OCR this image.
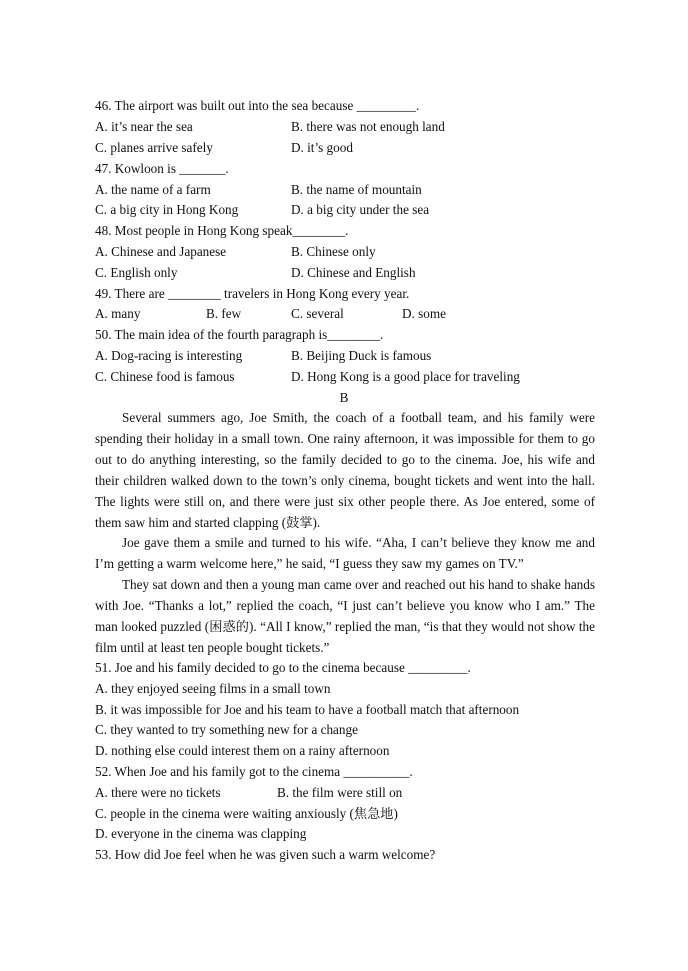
46. The airport was built out into the sea because _________.
A. it’s near the sea	B. there was not enough land
C. planes arrive safely	D. it’s good
47. Kowloon is _______.
A. the name of a farm	B. the name of mountain
C. a big city in Hong Kong	D. a big city under the sea
48. Most people in Hong Kong speak________.
A. Chinese and Japanese	B. Chinese only
C. English only	D. Chinese and English
49. There are ________ travelers in Hong Kong every year.
A. many	B. few	C. several	D. some
50. The main idea of the fourth paragraph is________.
A. Dog-racing is interesting	B. Beijing Duck is famous
C. Chinese food is famous	D. Hong Kong is a good place for traveling
B

Several summers ago, Joe Smith, the coach of a football team, and his family were spending their holiday in a small town. One rainy afternoon, it was impossible for them to go out to do anything interesting, so the family decided to go to the cinema. Joe, his wife and their children walked down to the town’s only cinema, bought tickets and went into the hall. The lights were still on, and there were just six other people there. As Joe entered, some of them saw him and started clapping (鼓掌).

Joe gave them a smile and turned to his wife. “Aha, I can’t believe they know me and I’m getting a warm welcome here,” he said, “I guess they saw my games on TV.”

They sat down and then a young man came over and reached out his hand to shake hands with Joe. “Thanks a lot,” replied the coach, “I just can’t believe you know who I am.” The man looked puzzled (困惑的). “All I know,” replied the man, “is that they would not show the film until at least ten people bought tickets.”

51. Joe and his family decided to go to the cinema because _________.
A. they enjoyed seeing films in a small town
B. it was impossible for Joe and his team to have a football match that afternoon
C. they wanted to try something new for a change
D. nothing else could interest them on a rainy afternoon
52. When Joe and his family got to the cinema __________.
A. there were no tickets	B. the film were still on
C. people in the cinema were waiting anxiously (焦急地)
D. everyone in the cinema was clapping
53. How did Joe feel when he was given such a warm welcome?
